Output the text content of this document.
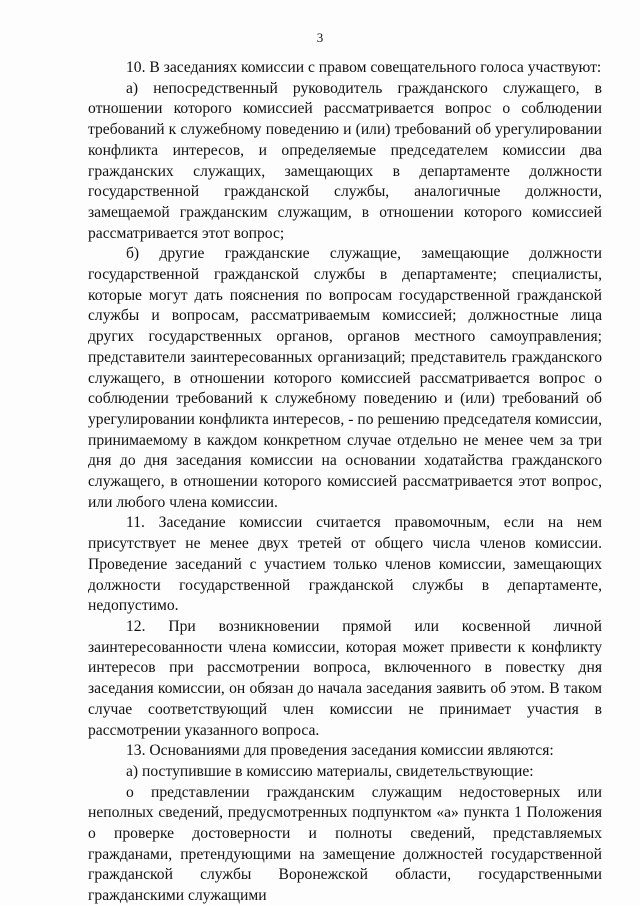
3

10. В заседаниях комиссии с правом совещательного голоса участвуют:

а) непосредственный руководитель гражданского служащего, в отношении которого комиссией рассматривается вопрос о соблюдении требований к служебному поведению и (или) требований об урегулировании конфликта интересов, и определяемые председателем комиссии два гражданских служащих, замещающих в департаменте должности государственной гражданской службы, аналогичные должности, замещаемой гражданским служащим, в отношении которого комиссией рассматривается этот вопрос;

б) другие гражданские служащие, замещающие должности государственной гражданской службы в департаменте; специалисты, которые могут дать пояснения по вопросам государственной гражданской службы и вопросам, рассматриваемым комиссией; должностные лица других государственных органов, органов местного самоуправления; представители заинтересованных организаций; представитель гражданского служащего, в отношении которого комиссией рассматривается вопрос о соблюдении требований к служебному поведению и (или) требований об урегулировании конфликта интересов, - по решению председателя комиссии, принимаемому в каждом конкретном случае отдельно не менее чем за три дня до дня заседания комиссии на основании ходатайства гражданского служащего, в отношении которого комиссией рассматривается этот вопрос, или любого члена комиссии.

11. Заседание комиссии считается правомочным, если на нем присутствует не менее двух третей от общего числа членов комиссии. Проведение заседаний с участием только членов комиссии, замещающих должности государственной гражданской службы в департаменте, недопустимо.

12. При возникновении прямой или косвенной личной заинтересованности члена комиссии, которая может привести к конфликту интересов при рассмотрении вопроса, включенного в повестку дня заседания комиссии, он обязан до начала заседания заявить об этом. В таком случае соответствующий член комиссии не принимает участия в рассмотрении указанного вопроса.

13. Основаниями для проведения заседания комиссии являются:

а) поступившие в комиссию материалы, свидетельствующие:

о представлении гражданским служащим недостоверных или неполных сведений, предусмотренных подпунктом «а» пункта 1 Положения о проверке достоверности и полноты сведений, представляемых гражданами, претендующими на замещение должностей государственной гражданской службы Воронежской области, государственными гражданскими служащими
